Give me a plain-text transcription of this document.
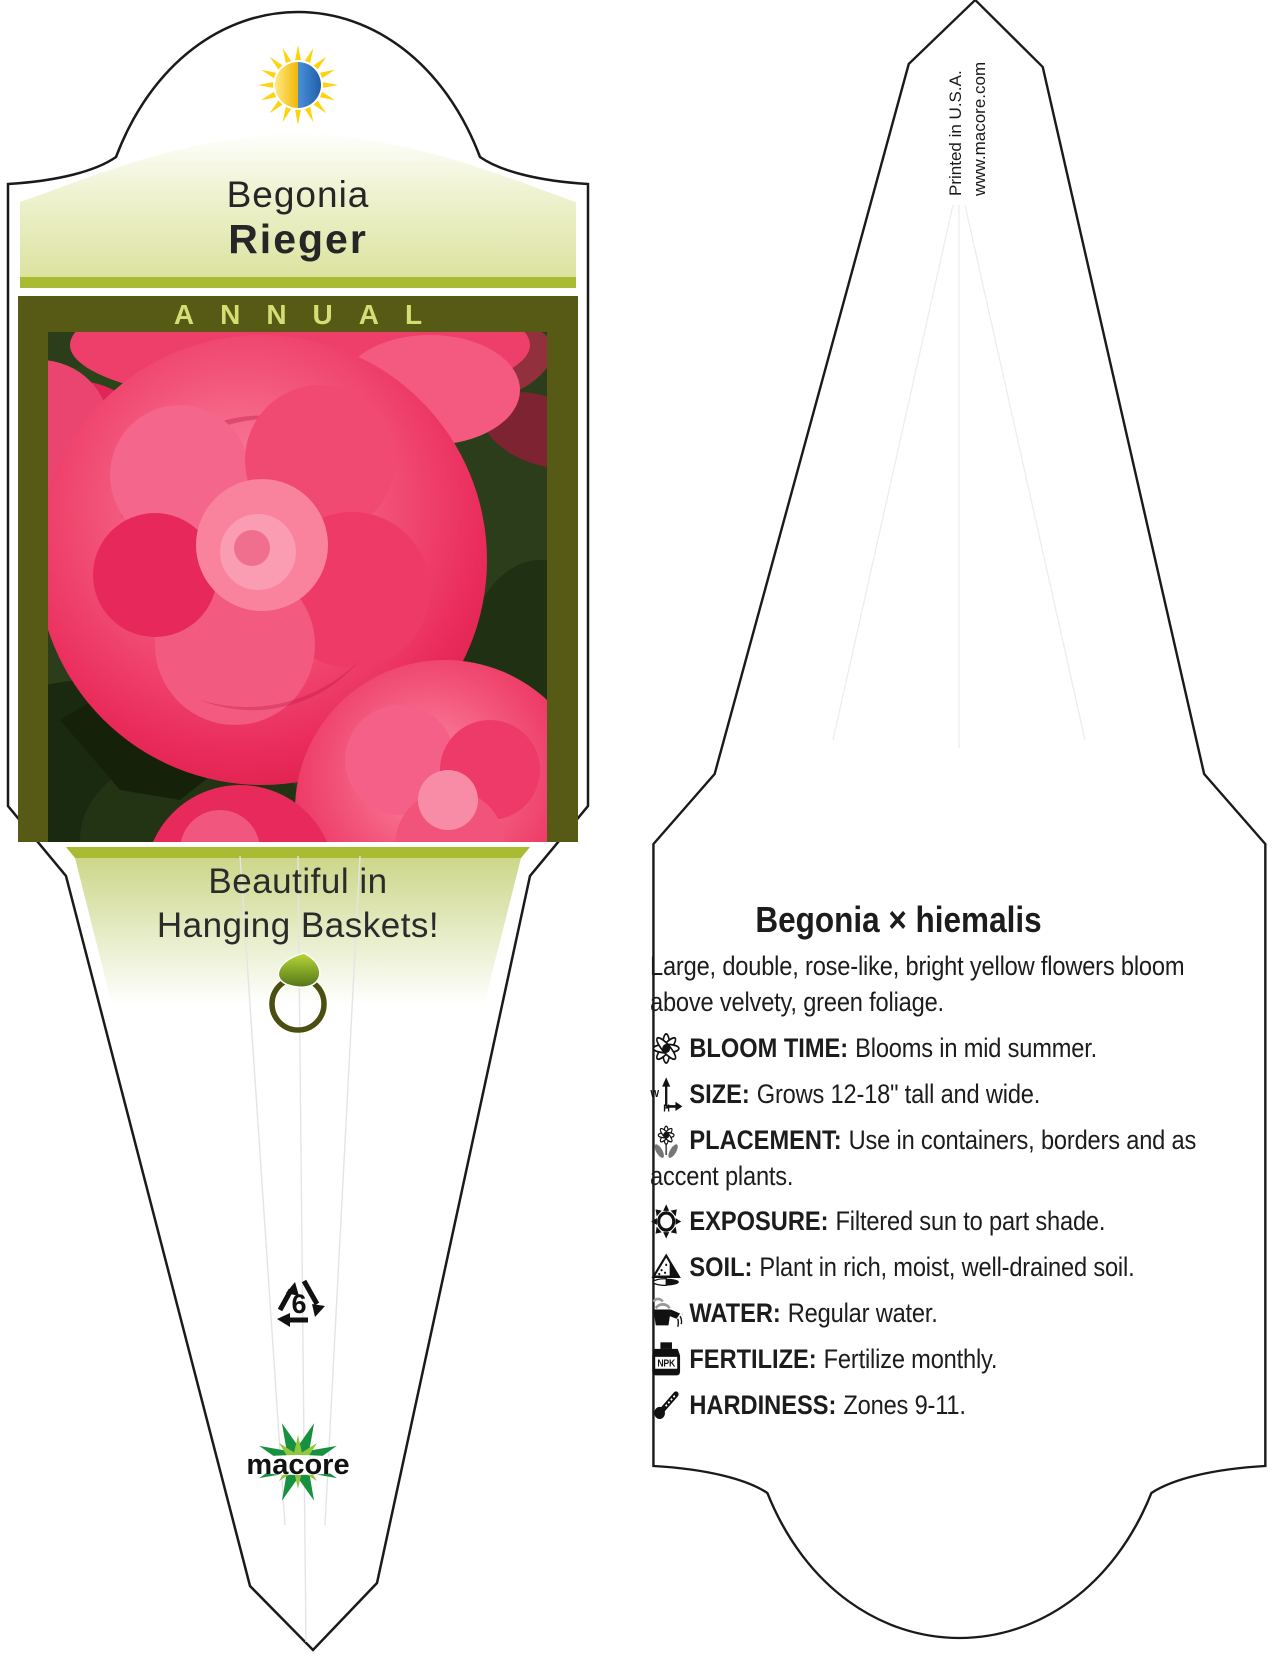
Begonia
Rieger
ANNUAL
Beautiful in
Hanging Baskets!
6
macore
Printed in U.S.A. www.macore.com
Begonia × hiemalis

Large, double, rose-like, bright yellow flowers bloom above velvety, green foliage.

BLOOM TIME: Blooms in mid summer.
W
H
SIZE: Grows 12-18" tall and wide.
PLACEMENT: Use in containers, borders and as accent plants.
EXPOSURE: Filtered sun to part shade.
SOIL: Plant in rich, moist, well-drained soil.
WATER: Regular water.
NPK FERTILIZE: Fertilize monthly.
HARDINESS: Zones 9-11.
